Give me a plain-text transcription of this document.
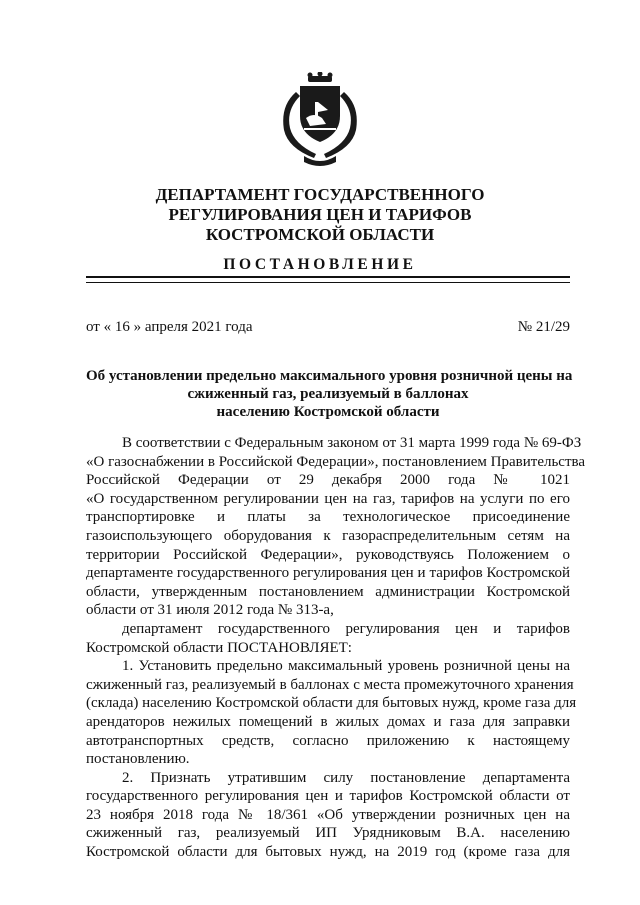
ДЕПАРТАМЕНТ ГОСУДАРСТВЕННОГО
РЕГУЛИРОВАНИЯ ЦЕН И ТАРИФОВ
КОСТРОМСКОЙ ОБЛАСТИ
ПОСТАНОВЛЕНИЕ
от « 16 » апреля 2021 года	№ 21/29
Об установлении предельно максимального уровня розничной цены на
сжиженный газ, реализуемый в баллонах
населению Костромской области
В соответствии с Федеральным законом от 31 марта 1999 года № 69-ФЗ
«О газоснабжении в Российской Федерации», постановлением Правительства
Российской Федерации от 29 декабря 2000 года № 1021
«О государственном регулировании цен на газ, тарифов на услуги по его
транспортировке и платы за технологическое присоединение
газоиспользующего оборудования к газораспределительным сетям на
территории Российской Федерации», руководствуясь Положением о
департаменте государственного регулирования цен и тарифов Костромской
области, утвержденным постановлением администрации Костромской
области от 31 июля 2012 года № 313-а,
департамент государственного регулирования цен и тарифов
Костромской области ПОСТАНОВЛЯЕТ:
1. Установить предельно максимальный уровень розничной цены на
сжиженный газ, реализуемый в баллонах с места промежуточного хранения
(склада) населению Костромской области для бытовых нужд, кроме газа для
арендаторов нежилых помещений в жилых домах и газа для заправки
автотранспортных средств, согласно приложению к настоящему
постановлению.
2. Признать утратившим силу постановление департамента
государственного регулирования цен и тарифов Костромской области от
23 ноября 2018 года № 18/361 «Об утверждении розничных цен на
сжиженный газ, реализуемый ИП Урядниковым В.А. населению
Костромской области для бытовых нужд, на 2019 год (кроме газа для
